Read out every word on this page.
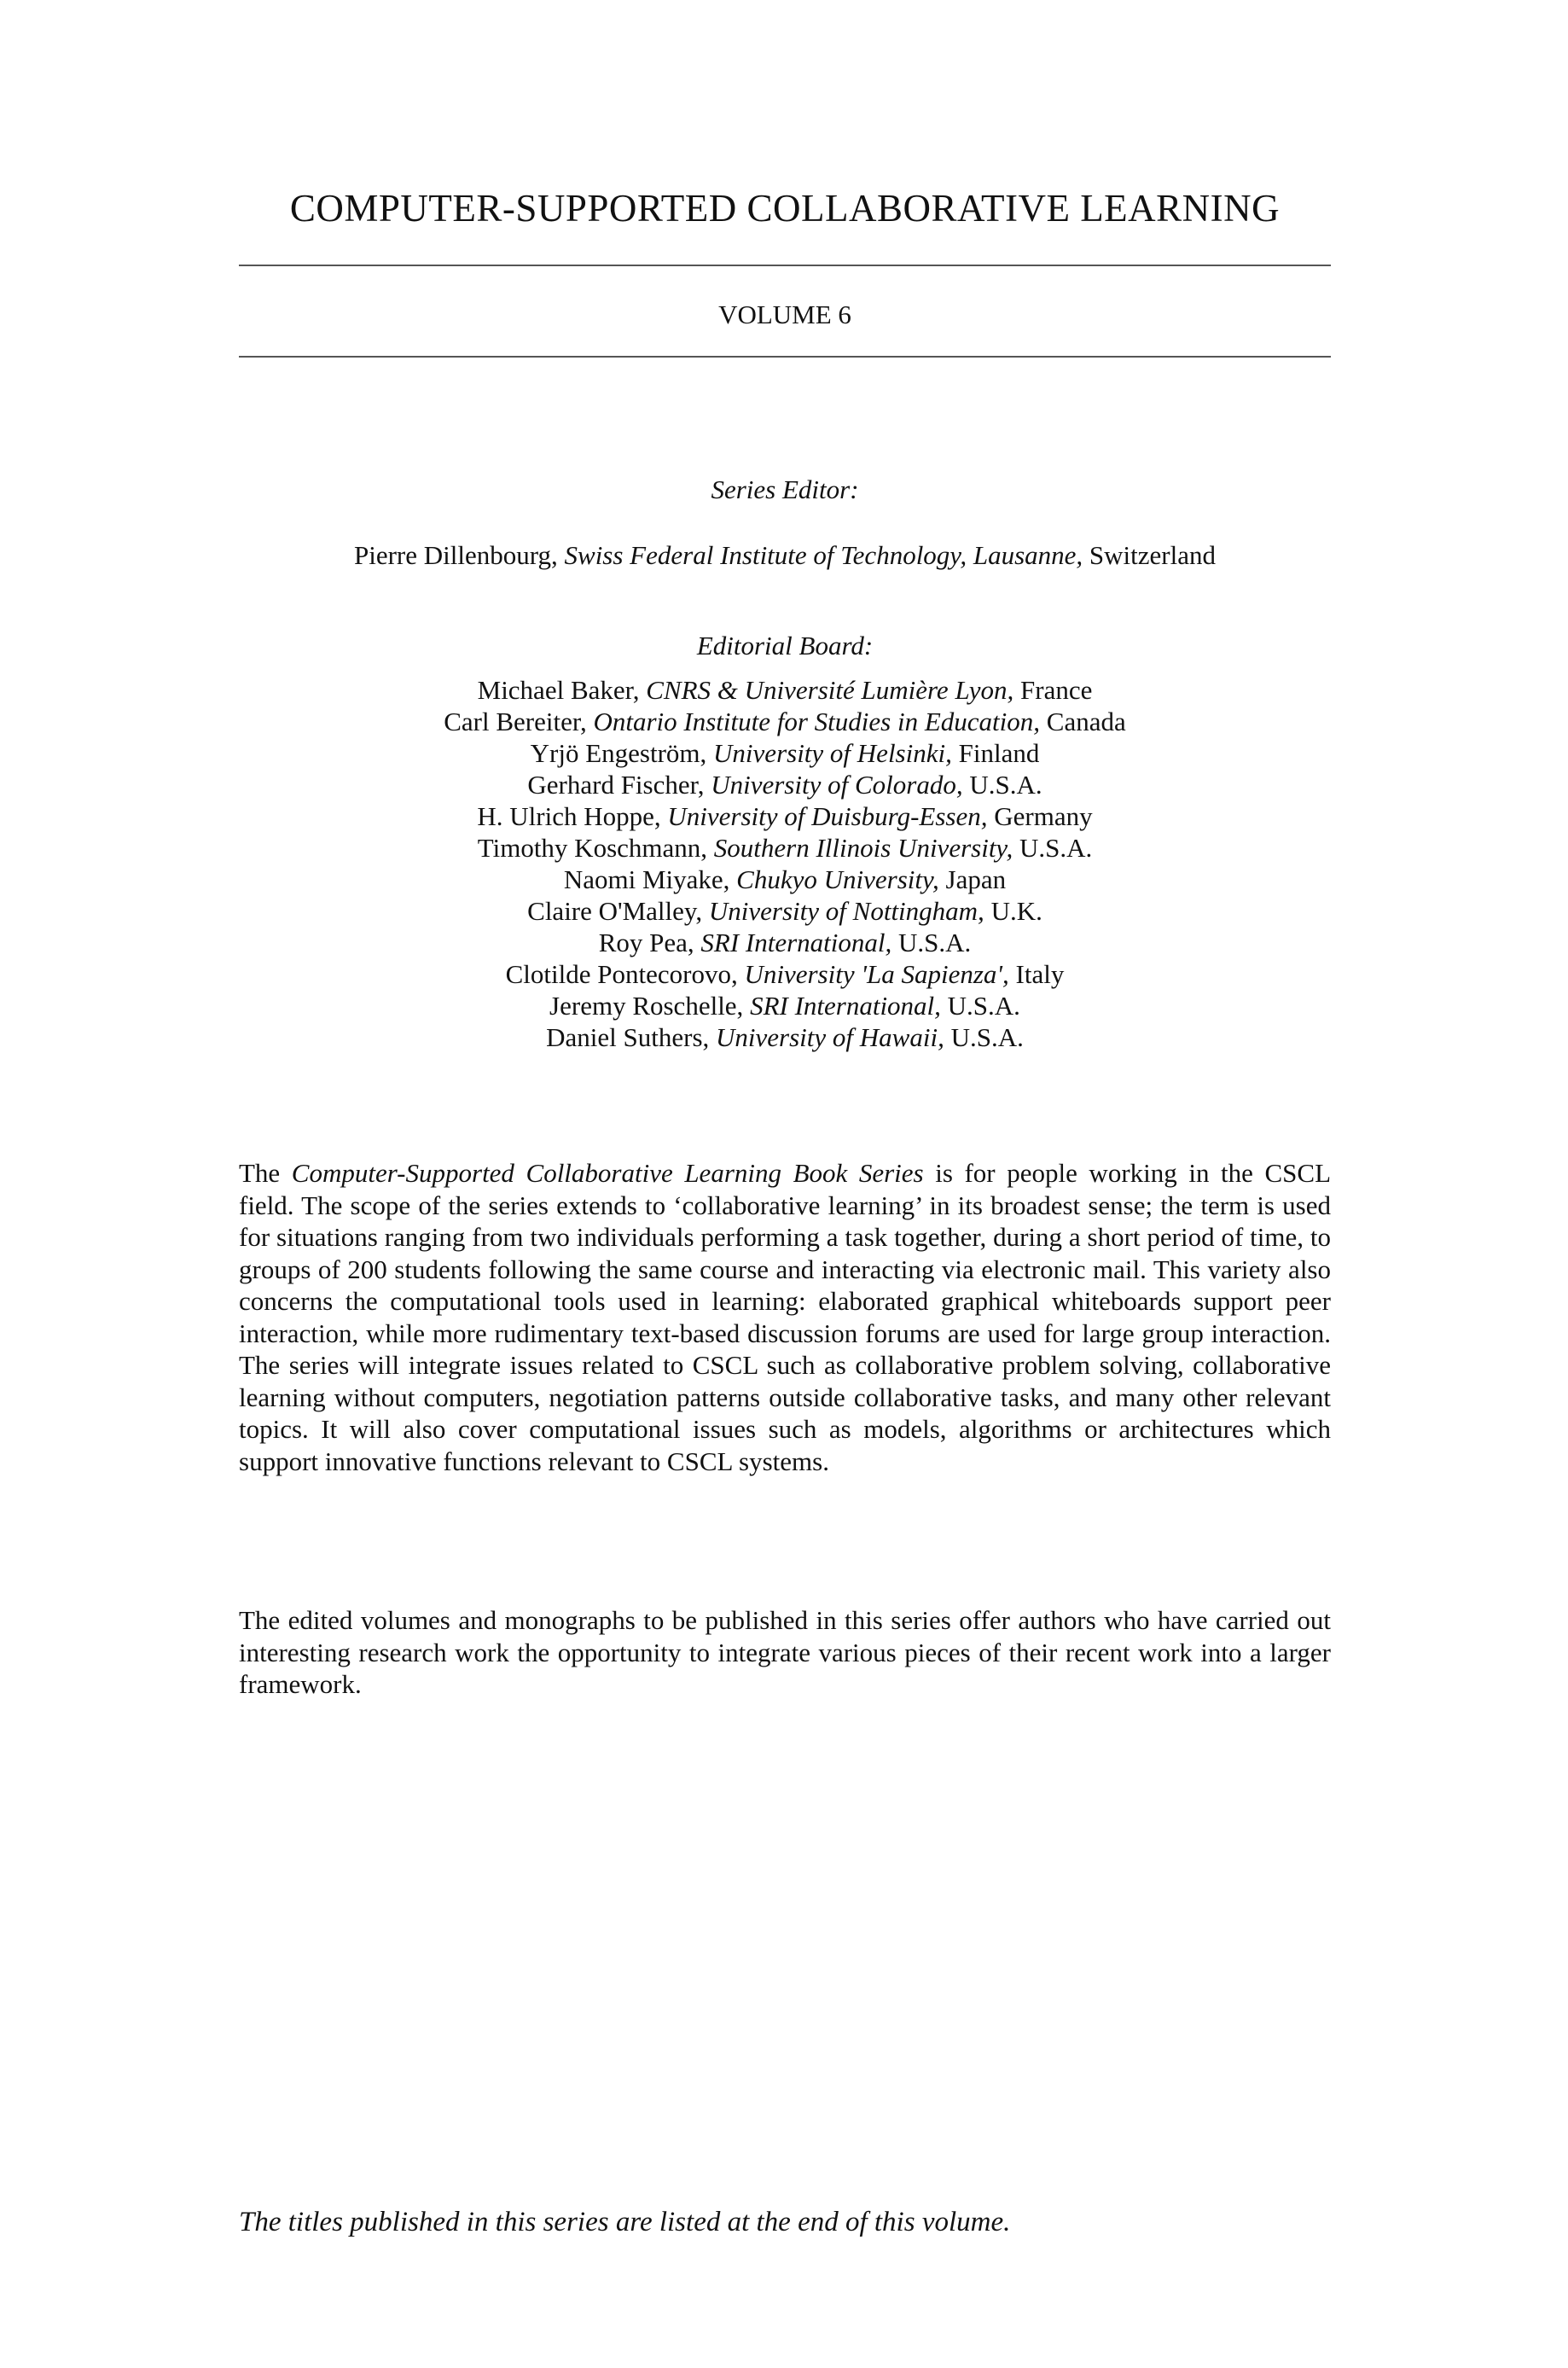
COMPUTER-SUPPORTED COLLABORATIVE LEARNING
VOLUME 6
Series Editor:
Pierre Dillenbourg, Swiss Federal Institute of Technology, Lausanne, Switzerland
Editorial Board:
Michael Baker, CNRS & Université Lumière Lyon, France
Carl Bereiter, Ontario Institute for Studies in Education, Canada
Yrjö Engeström, University of Helsinki, Finland
Gerhard Fischer, University of Colorado, U.S.A.
H. Ulrich Hoppe, University of Duisburg-Essen, Germany
Timothy Koschmann, Southern Illinois University, U.S.A.
Naomi Miyake, Chukyo University, Japan
Claire O'Malley, University of Nottingham, U.K.
Roy Pea, SRI International, U.S.A.
Clotilde Pontecorovo, University 'La Sapienza', Italy
Jeremy Roschelle, SRI International, U.S.A.
Daniel Suthers, University of Hawaii, U.S.A.

The Computer-Supported Collaborative Learning Book Series is for people working in the CSCL field. The scope of the series extends to ‘collaborative learning’ in its broadest sense; the term is used for situations ranging from two individuals performing a task together, during a short period of time, to groups of 200 students following the same course and interacting via electronic mail. This variety also concerns the computational tools used in learning: elaborated graphical whiteboards support peer interaction, while more rudimentary text-based discussion forums are used for large group interaction. The series will integrate issues related to CSCL such as collaborative problem solving, collaborative learning without computers, negotiation patterns outside collaborative tasks, and many other relevant topics. It will also cover computational issues such as models, algorithms or architectures which support innovative functions relevant to CSCL systems.

The edited volumes and monographs to be published in this series offer authors who have carried out interesting research work the opportunity to integrate various pieces of their recent work into a larger framework.

The titles published in this series are listed at the end of this volume.
